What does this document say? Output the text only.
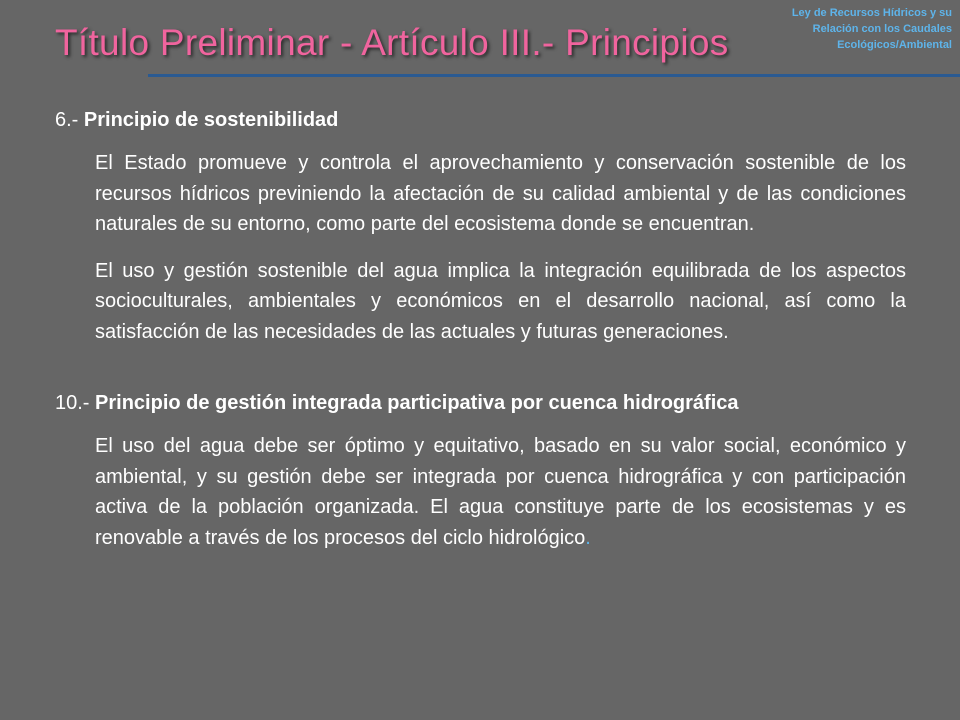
Título Preliminar - Artículo III.- Principios
Ley de Recursos Hídricos y su
Relación con los Caudales
Ecológicos/Ambiental

6.- Principio de sostenibilidad

El Estado promueve y controla el aprovechamiento y conservación sostenible de los recursos hídricos previniendo la afectación de su calidad ambiental y de las condiciones naturales de su entorno, como parte del ecosistema donde se encuentran.

El uso y gestión sostenible del agua implica la integración equilibrada de los aspectos socioculturales, ambientales y económicos en el desarrollo nacional, así como la satisfacción de las necesidades de las actuales y futuras generaciones.

10.- Principio de gestión integrada participativa por cuenca hidrográfica

El uso del agua debe ser óptimo y equitativo, basado en su valor social, económico y ambiental, y su gestión debe ser integrada por cuenca hidrográfica y con participación activa de la población organizada. El agua constituye parte de los ecosistemas y es renovable a través de los procesos del ciclo hidrológico.
